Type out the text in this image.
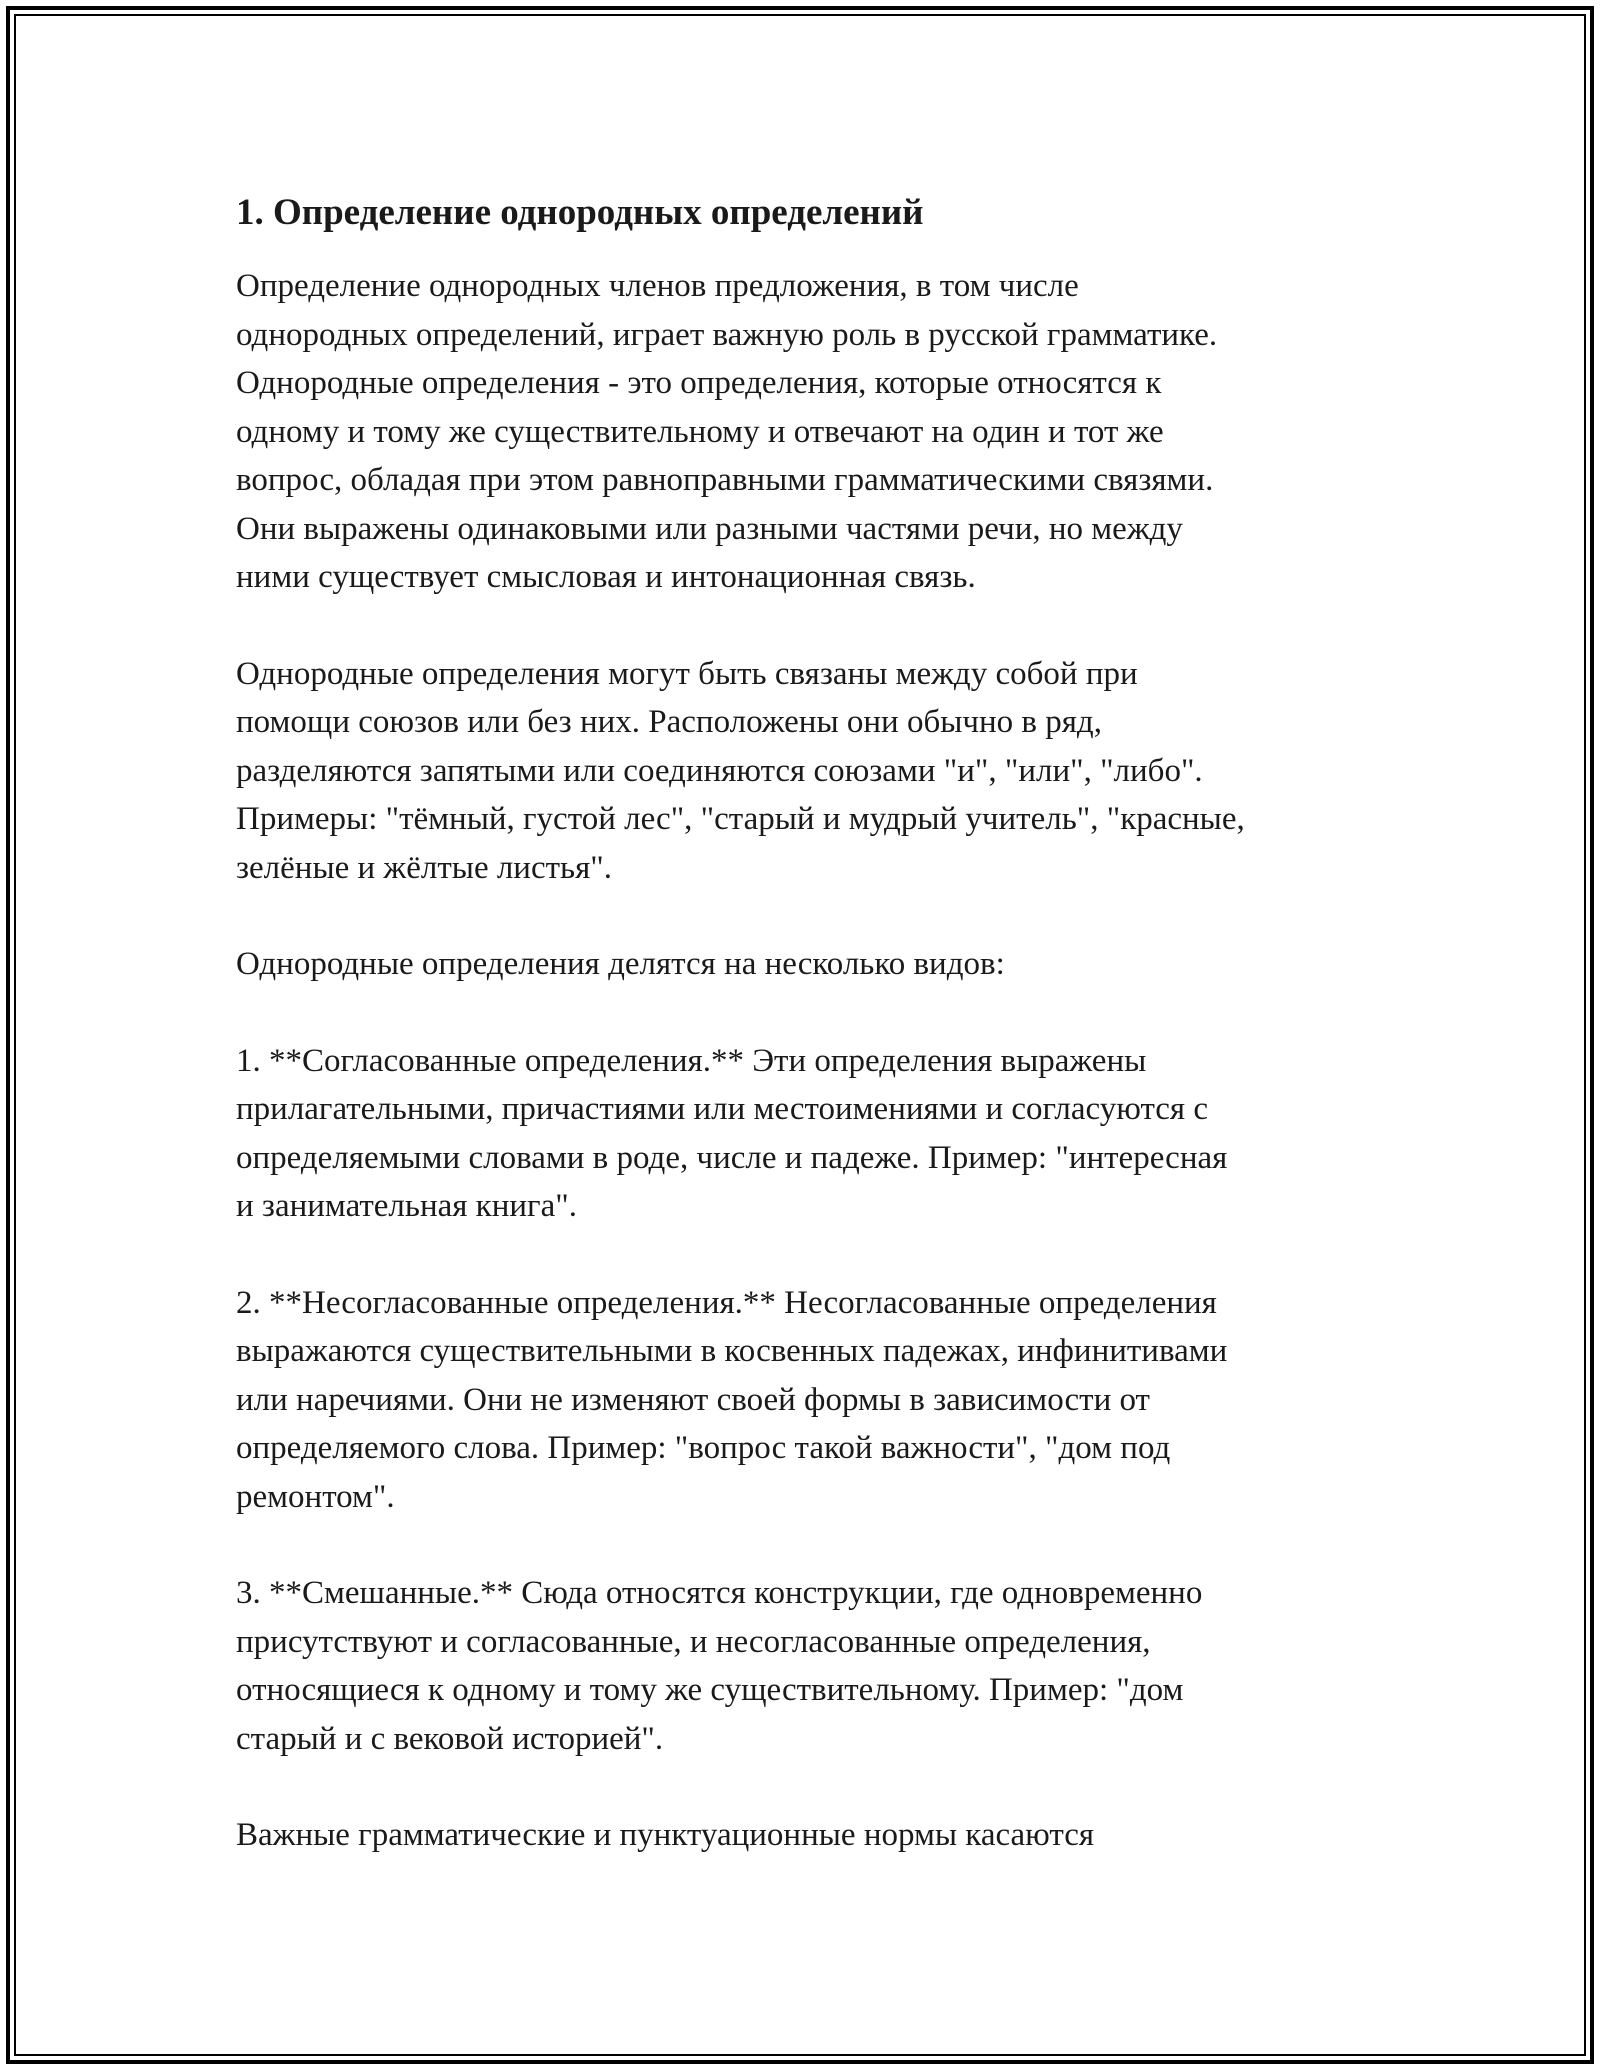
1. Определение однородных определений

Определение однородных членов предложения, в том числе
однородных определений, играет важную роль в русской грамматике.
Однородные определения - это определения, которые относятся к
одному и тому же существительному и отвечают на один и тот же
вопрос, обладая при этом равноправными грамматическими связями.
Они выражены одинаковыми или разными частями речи, но между
ними существует смысловая и интонационная связь.

Однородные определения могут быть связаны между собой при
помощи союзов или без них. Расположены они обычно в ряд,
разделяются запятыми или соединяются союзами "и", "или", "либо".
Примеры: "тёмный, густой лес", "старый и мудрый учитель", "красные,
зелёные и жёлтые листья".

Однородные определения делятся на несколько видов:

1. **Согласованные определения.** Эти определения выражены
прилагательными, причастиями или местоимениями и согласуются с
определяемыми словами в роде, числе и падеже. Пример: "интересная
и занимательная книга".

2. **Несогласованные определения.** Несогласованные определения
выражаются существительными в косвенных падежах, инфинитивами
или наречиями. Они не изменяют своей формы в зависимости от
определяемого слова. Пример: "вопрос такой важности", "дом под
ремонтом".

3. **Смешанные.** Сюда относятся конструкции, где одновременно
присутствуют и согласованные, и несогласованные определения,
относящиеся к одному и тому же существительному. Пример: "дом
старый и с вековой историей".

Важные грамматические и пунктуационные нормы касаются
